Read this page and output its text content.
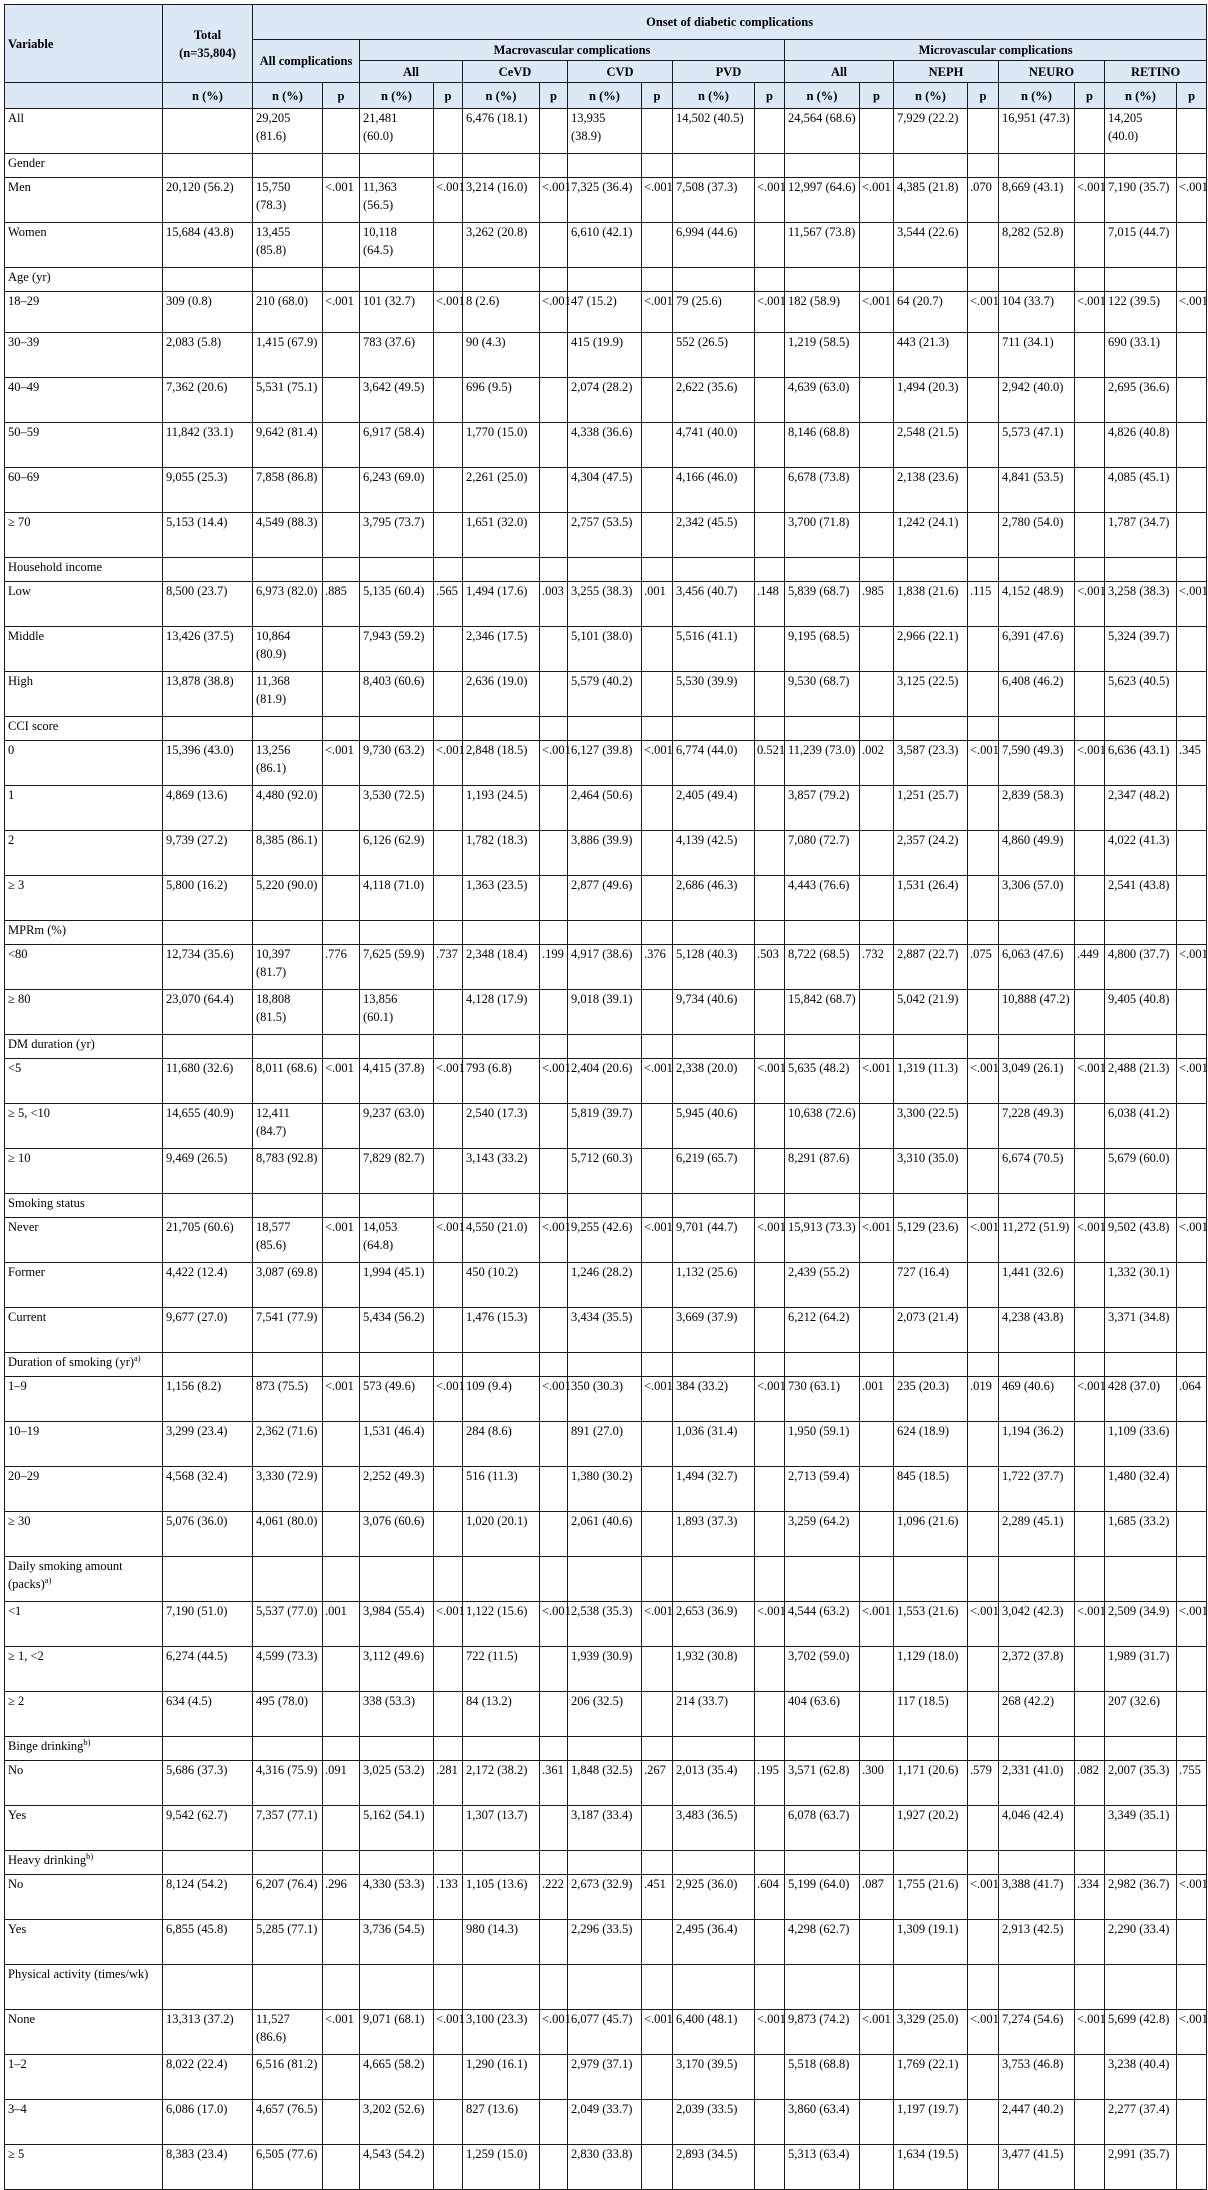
Variable	Total (n=35,804)	Onset of diabetic complications																	
		All complications		Macrovascular complications								Microvascular complications							
				All		CeVD		CVD		PVD		All		NEPH		NEURO		RETINO	
	n (%)	n (%)	p	n (%)	p	n (%)	p	n (%)	p	n (%)	p	n (%)	p	n (%)	p	n (%)	p	n (%)	p
All		29,205 (81.6)		21,481 (60.0)		6,476 (18.1)		13,935 (38.9)		14,502 (40.5)		24,564 (68.6)		7,929 (22.2)		16,951 (47.3)		14,205 (40.0)	
Gender																			
Men	20,120 (56.2)	15,750 (78.3)	<.001	11,363 (56.5)	<.001	3,214 (16.0)	<.001	7,325 (36.4)	<.001	7,508 (37.3)	<.001	12,997 (64.6)	<.001	4,385 (21.8)	.070	8,669 (43.1)	<.001	7,190 (35.7)	<.001
Women	15,684 (43.8)	13,455 (85.8)		10,118 (64.5)		3,262 (20.8)		6,610 (42.1)		6,994 (44.6)		11,567 (73.8)		3,544 (22.6)		8,282 (52.8)		7,015 (44.7)	
Age (yr)																			
18–29	309 (0.8)	210 (68.0)	<.001	101 (32.7)	<.001	8 (2.6)	<.001	47 (15.2)	<.001	79 (25.6)	<.001	182 (58.9)	<.001	64 (20.7)	<.001	104 (33.7)	<.001	122 (39.5)	<.001
30–39	2,083 (5.8)	1,415 (67.9)		783 (37.6)		90 (4.3)		415 (19.9)		552 (26.5)		1,219 (58.5)		443 (21.3)		711 (34.1)		690 (33.1)	
40–49	7,362 (20.6)	5,531 (75.1)		3,642 (49.5)		696 (9.5)		2,074 (28.2)		2,622 (35.6)		4,639 (63.0)		1,494 (20.3)		2,942 (40.0)		2,695 (36.6)	
50–59	11,842 (33.1)	9,642 (81.4)		6,917 (58.4)		1,770 (15.0)		4,338 (36.6)		4,741 (40.0)		8,146 (68.8)		2,548 (21.5)		5,573 (47.1)		4,826 (40.8)	
60–69	9,055 (25.3)	7,858 (86.8)		6,243 (69.0)		2,261 (25.0)		4,304 (47.5)		4,166 (46.0)		6,678 (73.8)		2,138 (23.6)		4,841 (53.5)		4,085 (45.1)	
≥ 70	5,153 (14.4)	4,549 (88.3)		3,795 (73.7)		1,651 (32.0)		2,757 (53.5)		2,342 (45.5)		3,700 (71.8)		1,242 (24.1)		2,780 (54.0)		1,787 (34.7)	
Household income																			
Low	8,500 (23.7)	6,973 (82.0)	.885	5,135 (60.4)	.565	1,494 (17.6)	.003	3,255 (38.3)	.001	3,456 (40.7)	.148	5,839 (68.7)	.985	1,838 (21.6)	.115	4,152 (48.9)	<.001	3,258 (38.3)	<.001
Middle	13,426 (37.5)	10,864 (80.9)		7,943 (59.2)		2,346 (17.5)		5,101 (38.0)		5,516 (41.1)		9,195 (68.5)		2,966 (22.1)		6,391 (47.6)		5,324 (39.7)	
High	13,878 (38.8)	11,368 (81.9)		8,403 (60.6)		2,636 (19.0)		5,579 (40.2)		5,530 (39.9)		9,530 (68.7)		3,125 (22.5)		6,408 (46.2)		5,623 (40.5)	
CCI score																			
0	15,396 (43.0)	13,256 (86.1)	<.001	9,730 (63.2)	<.001	2,848 (18.5)	<.001	6,127 (39.8)	<.001	6,774 (44.0)	0.521	11,239 (73.0)	.002	3,587 (23.3)	<.001	7,590 (49.3)	<.001	6,636 (43.1)	.345
1	4,869 (13.6)	4,480 (92.0)		3,530 (72.5)		1,193 (24.5)		2,464 (50.6)		2,405 (49.4)		3,857 (79.2)		1,251 (25.7)		2,839 (58.3)		2,347 (48.2)	
2	9,739 (27.2)	8,385 (86.1)		6,126 (62.9)		1,782 (18.3)		3,886 (39.9)		4,139 (42.5)		7,080 (72.7)		2,357 (24.2)		4,860 (49.9)		4,022 (41.3)	
≥ 3	5,800 (16.2)	5,220 (90.0)		4,118 (71.0)		1,363 (23.5)		2,877 (49.6)		2,686 (46.3)		4,443 (76.6)		1,531 (26.4)		3,306 (57.0)		2,541 (43.8)	
MPRm (%)																			
<80	12,734 (35.6)	10,397 (81.7)	.776	7,625 (59.9)	.737	2,348 (18.4)	.199	4,917 (38.6)	.376	5,128 (40.3)	.503	8,722 (68.5)	.732	2,887 (22.7)	.075	6,063 (47.6)	.449	4,800 (37.7)	<.001
≥ 80	23,070 (64.4)	18,808 (81.5)		13,856 (60.1)		4,128 (17.9)		9,018 (39.1)		9,734 (40.6)		15,842 (68.7)		5,042 (21.9)		10,888 (47.2)		9,405 (40.8)	
DM duration (yr)																			
<5	11,680 (32.6)	8,011 (68.6)	<.001	4,415 (37.8)	<.001	793 (6.8)	<.001	2,404 (20.6)	<.001	2,338 (20.0)	<.001	5,635 (48.2)	<.001	1,319 (11.3)	<.001	3,049 (26.1)	<.001	2,488 (21.3)	<.001
≥ 5, <10	14,655 (40.9)	12,411 (84.7)		9,237 (63.0)		2,540 (17.3)		5,819 (39.7)		5,945 (40.6)		10,638 (72.6)		3,300 (22.5)		7,228 (49.3)		6,038 (41.2)	
≥ 10	9,469 (26.5)	8,783 (92.8)		7,829 (82.7)		3,143 (33.2)		5,712 (60.3)		6,219 (65.7)		8,291 (87.6)		3,310 (35.0)		6,674 (70.5)		5,679 (60.0)	
Smoking status																			
Never	21,705 (60.6)	18,577 (85.6)	<.001	14,053 (64.8)	<.001	4,550 (21.0)	<.001	9,255 (42.6)	<.001	9,701 (44.7)	<.001	15,913 (73.3)	<.001	5,129 (23.6)	<.001	11,272 (51.9)	<.001	9,502 (43.8)	<.001
Former	4,422 (12.4)	3,087 (69.8)		1,994 (45.1)		450 (10.2)		1,246 (28.2)		1,132 (25.6)		2,439 (55.2)		727 (16.4)		1,441 (32.6)		1,332 (30.1)	
Current	9,677 (27.0)	7,541 (77.9)		5,434 (56.2)		1,476 (15.3)		3,434 (35.5)		3,669 (37.9)		6,212 (64.2)		2,073 (21.4)		4,238 (43.8)		3,371 (34.8)	
Duration of smoking (yr)$^{a)}$																			
1–9	1,156 (8.2)	873 (75.5)	<.001	573 (49.6)	<.001	109 (9.4)	<.001	350 (30.3)	<.001	384 (33.2)	<.001	730 (63.1)	.001	235 (20.3)	.019	469 (40.6)	<.001	428 (37.0)	.064
10–19	3,299 (23.4)	2,362 (71.6)		1,531 (46.4)		284 (8.6)		891 (27.0)		1,036 (31.4)		1,950 (59.1)		624 (18.9)		1,194 (36.2)		1,109 (33.6)	
20–29	4,568 (32.4)	3,330 (72.9)		2,252 (49.3)		516 (11.3)		1,380 (30.2)		1,494 (32.7)		2,713 (59.4)		845 (18.5)		1,722 (37.7)		1,480 (32.4)	
≥ 30	5,076 (36.0)	4,061 (80.0)		3,076 (60.6)		1,020 (20.1)		2,061 (40.6)		1,893 (37.3)		3,259 (64.2)		1,096 (21.6)		2,289 (45.1)		1,685 (33.2)	
Daily smoking amount (packs)$^{a)}$																			
<1	7,190 (51.0)	5,537 (77.0)	.001	3,984 (55.4)	<.001	1,122 (15.6)	<.001	2,538 (35.3)	<.001	2,653 (36.9)	<.001	4,544 (63.2)	<.001	1,553 (21.6)	<.001	3,042 (42.3)	<.001	2,509 (34.9)	<.001
≥ 1, <2	6,274 (44.5)	4,599 (73.3)		3,112 (49.6)		722 (11.5)		1,939 (30.9)		1,932 (30.8)		3,702 (59.0)		1,129 (18.0)		2,372 (37.8)		1,989 (31.7)	
≥ 2	634 (4.5)	495 (78.0)		338 (53.3)		84 (13.2)		206 (32.5)		214 (33.7)		404 (63.6)		117 (18.5)		268 (42.2)		207 (32.6)	
Binge drinking$^{b)}$																			
No	5,686 (37.3)	4,316 (75.9)	.091	3,025 (53.2)	.281	2,172 (38.2)	.361	1,848 (32.5)	.267	2,013 (35.4)	.195	3,571 (62.8)	.300	1,171 (20.6)	.579	2,331 (41.0)	.082	2,007 (35.3)	.755
Yes	9,542 (62.7)	7,357 (77.1)		5,162 (54.1)		1,307 (13.7)		3,187 (33.4)		3,483 (36.5)		6,078 (63.7)		1,927 (20.2)		4,046 (42.4)		3,349 (35.1)	
Heavy drinking$^{b)}$																			
No	8,124 (54.2)	6,207 (76.4)	.296	4,330 (53.3)	.133	1,105 (13.6)	.222	2,673 (32.9)	.451	2,925 (36.0)	.604	5,199 (64.0)	.087	1,755 (21.6)	<.001	3,388 (41.7)	.334	2,982 (36.7)	<.001
Yes	6,855 (45.8)	5,285 (77.1)		3,736 (54.5)		980 (14.3)		2,296 (33.5)		2,495 (36.4)		4,298 (62.7)		1,309 (19.1)		2,913 (42.5)		2,290 (33.4)	
Physical activity (times/wk)																			
None	13,313 (37.2)	11,527 (86.6)	<.001	9,071 (68.1)	<.001	3,100 (23.3)	<.001	6,077 (45.7)	<.001	6,400 (48.1)	<.001	9,873 (74.2)	<.001	3,329 (25.0)	<.001	7,274 (54.6)	<.001	5,699 (42.8)	<.001
1–2	8,022 (22.4)	6,516 (81.2)		4,665 (58.2)		1,290 (16.1)		2,979 (37.1)		3,170 (39.5)		5,518 (68.8)		1,769 (22.1)		3,753 (46.8)		3,238 (40.4)	
3–4	6,086 (17.0)	4,657 (76.5)		3,202 (52.6)		827 (13.6)		2,049 (33.7)		2,039 (33.5)		3,860 (63.4)		1,197 (19.7)		2,447 (40.2)		2,277 (37.4)	
≥ 5	8,383 (23.4)	6,505 (77.6)		4,543 (54.2)		1,259 (15.0)		2,830 (33.8)		2,893 (34.5)		5,313 (63.4)		1,634 (19.5)		3,477 (41.5)		2,991 (35.7)	
